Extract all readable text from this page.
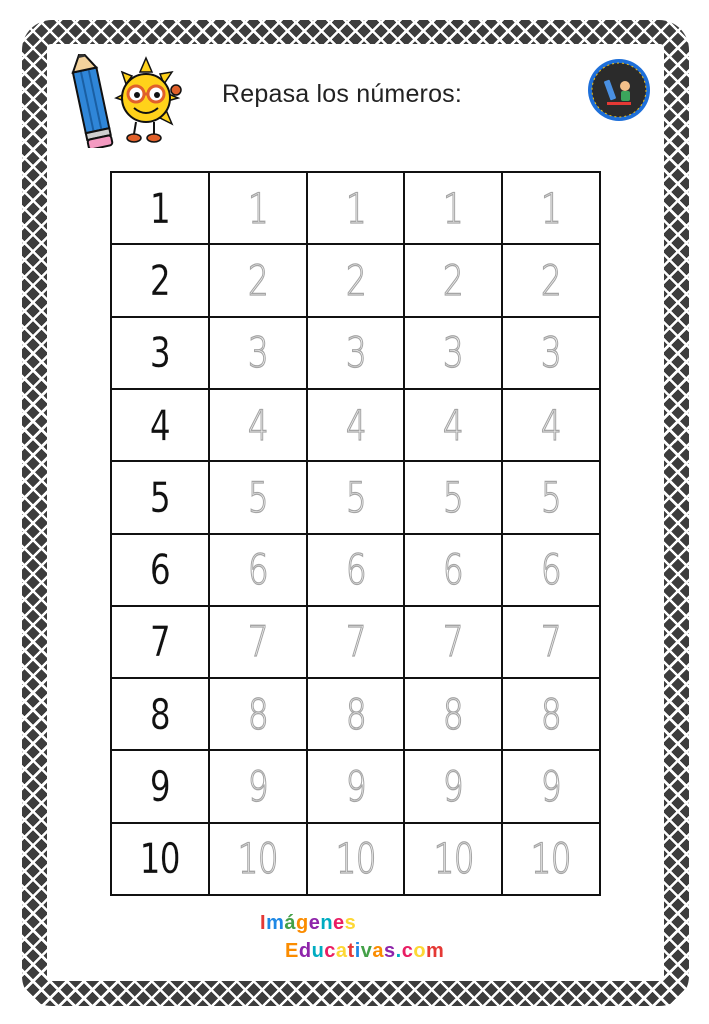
Repasa los números:
1 1 1 1 1
2 2 2 2 2
3 3 3 3 3
4 4 4 4 4
5 5 5 5 5
6 6 6 6 6
7 7 7 7 7
8 8 8 8 8
9 9 9 9 9
10 10 10 10 10
Imágenes
Educativas.com
